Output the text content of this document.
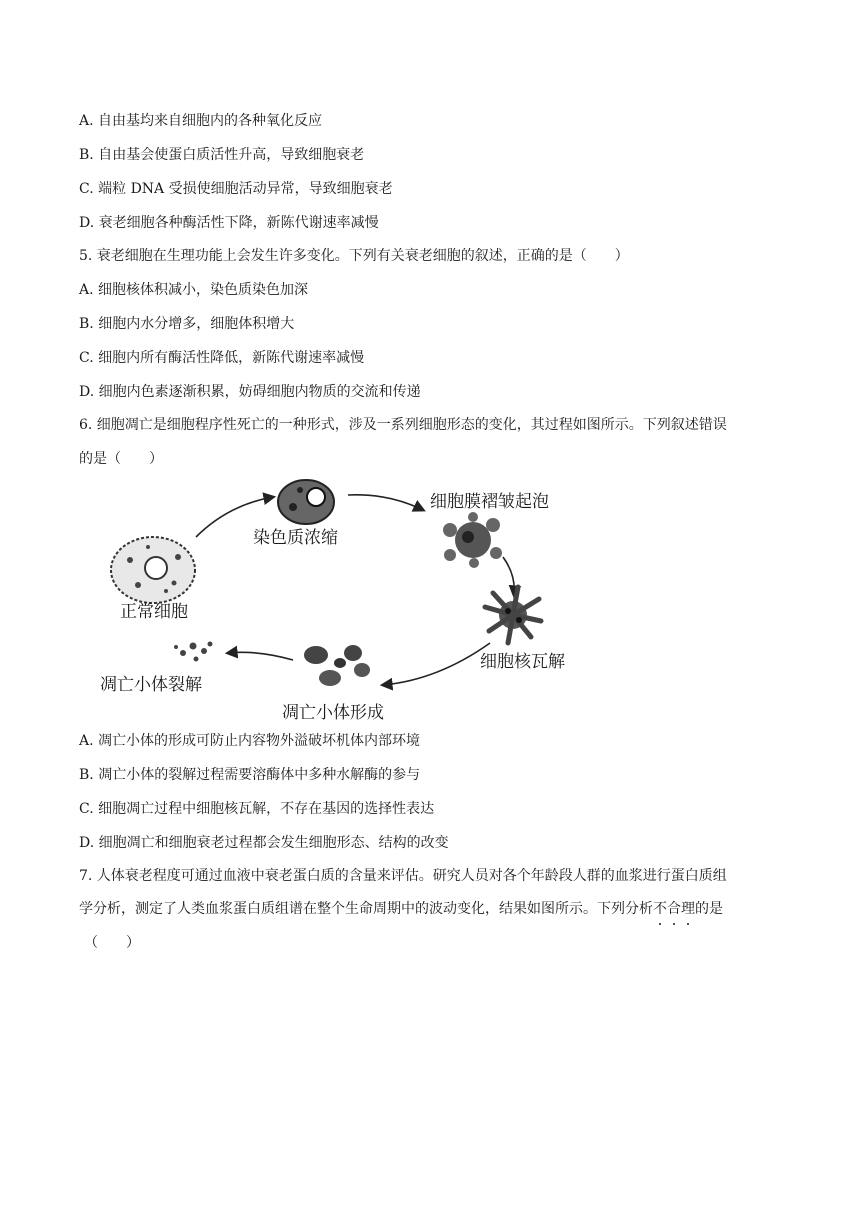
A. 自由基均来自细胞内的各种氧化反应
B. 自由基会使蛋白质活性升高，导致细胞衰老
C. 端粒 DNA 受损使细胞活动异常，导致细胞衰老
D. 衰老细胞各种酶活性下降，新陈代谢速率减慢
5. 衰老细胞在生理功能上会发生许多变化。下列有关衰老细胞的叙述，正确的是（　　）
A. 细胞核体积减小，染色质染色加深
B. 细胞内水分增多，细胞体积增大
C. 细胞内所有酶活性降低，新陈代谢速率减慢
D. 细胞内色素逐渐积累，妨碍细胞内物质的交流和传递
6. 细胞凋亡是细胞程序性死亡的一种形式，涉及一系列细胞形态的变化，其过程如图所示。下列叙述错误
的是（　　）
正常细胞
染色质浓缩
细胞膜褶皱起泡
细胞核瓦解
凋亡小体形成
凋亡小体裂解
A. 凋亡小体的形成可防止内容物外溢破坏机体内部环境
B. 凋亡小体的裂解过程需要溶酶体中多种水解酶的参与
C. 细胞凋亡过程中细胞核瓦解，不存在基因的选择性表达
D. 细胞凋亡和细胞衰老过程都会发生细胞形态、结构的改变
7. 人体衰老程度可通过血液中衰老蛋白质的含量来评估。研究人员对各个年龄段人群的血浆进行蛋白质组
学分析，测定了人类血浆蛋白质组谱在整个生命周期中的波动变化，结果如图所示。下列分析不合理的是
（　　）
